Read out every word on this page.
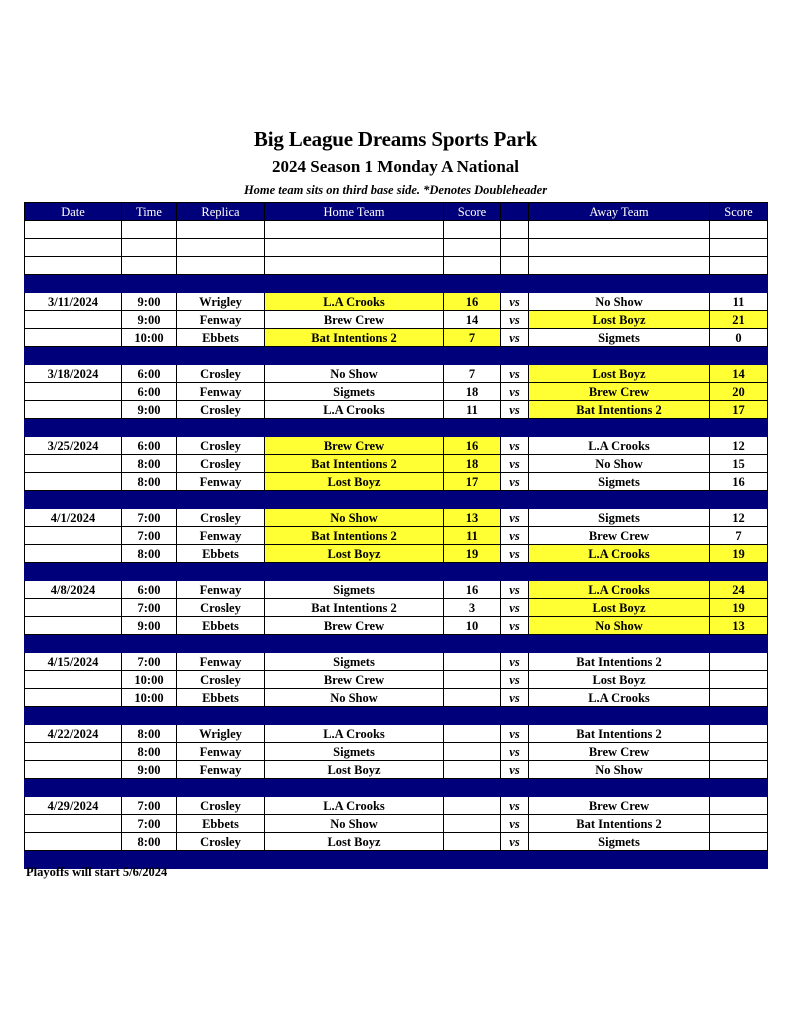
Big League Dreams Sports Park
2024 Season 1 Monday A National
Home team sits on third base side. *Denotes Doubleheader
Date	Time	Replica	Home Team	Score		Away Team	Score

3/11/2024	9:00	Wrigley	L.A Crooks	16	vs	No Show	11
	9:00	Fenway	Brew Crew	14	vs	Lost Boyz	21
	10:00	Ebbets	Bat Intentions 2	7	vs	Sigmets	0

3/18/2024	6:00	Crosley	No Show	7	vs	Lost Boyz	14
	6:00	Fenway	Sigmets	18	vs	Brew Crew	20
	9:00	Crosley	L.A Crooks	11	vs	Bat Intentions 2	17

3/25/2024	6:00	Crosley	Brew Crew	16	vs	L.A Crooks	12
	8:00	Crosley	Bat Intentions 2	18	vs	No Show	15
	8:00	Fenway	Lost Boyz	17	vs	Sigmets	16

4/1/2024	7:00	Crosley	No Show	13	vs	Sigmets	12
	7:00	Fenway	Bat Intentions 2	11	vs	Brew Crew	7
	8:00	Ebbets	Lost Boyz	19	vs	L.A Crooks	19

4/8/2024	6:00	Fenway	Sigmets	16	vs	L.A Crooks	24
	7:00	Crosley	Bat Intentions 2	3	vs	Lost Boyz	19
	9:00	Ebbets	Brew Crew	10	vs	No Show	13

4/15/2024	7:00	Fenway	Sigmets		vs	Bat Intentions 2	
	10:00	Crosley	Brew Crew		vs	Lost Boyz	
	10:00	Ebbets	No Show		vs	L.A Crooks	

4/22/2024	8:00	Wrigley	L.A Crooks		vs	Bat Intentions 2	
	8:00	Fenway	Sigmets		vs	Brew Crew	
	9:00	Fenway	Lost Boyz		vs	No Show	

4/29/2024	7:00	Crosley	L.A Crooks		vs	Brew Crew	
	7:00	Ebbets	No Show		vs	Bat Intentions 2	
	8:00	Crosley	Lost Boyz		vs	Sigmets	

Playoffs will start 5/6/2024
